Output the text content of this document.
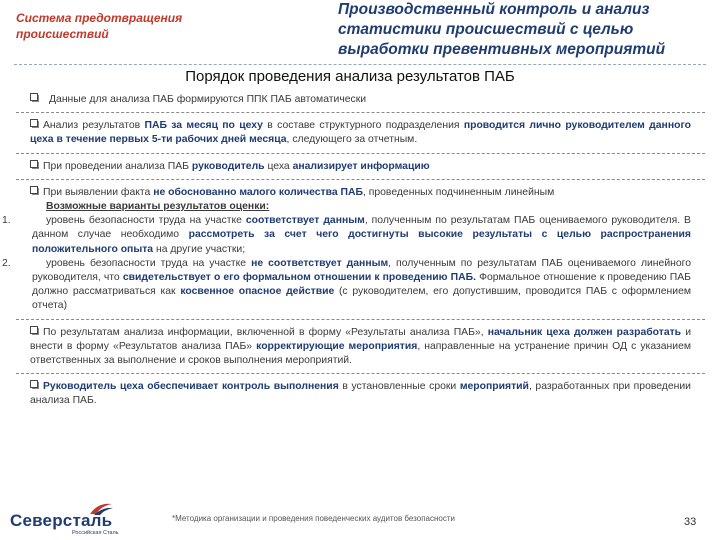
Система предотвращения происшествий
Производственный контроль и анализ статистики происшествий с целью выработки превентивных мероприятий
Порядок проведения анализа результатов ПАБ
Данные для анализа ПАБ формируются ППК ПАБ автоматически
Анализ результатов ПАБ за месяц по цеху в составе структурного подразделения проводится лично руководителем данного цеха в течение первых 5-ти рабочих дней месяца, следующего за отчетным.
При проведении анализа ПАБ руководитель цеха анализирует информацию
При выявлении факта не обоснованно малого количества ПАБ, проведенных подчиненным линейным
Возможные варианты результатов оценки:
1.	уровень безопасности труда на участке соответствует данным, полученным по результатам ПАБ оцениваемого руководителя. В данном случае необходимо рассмотреть за счет чего достигнуты высокие результаты с целью распространения положительного опыта на другие участки;
2.	уровень безопасности труда на участке не соответствует данным, полученным по результатам ПАБ оцениваемого линейного руководителя, что свидетельствует о его формальном отношении к проведению ПАБ. Формальное отношение к проведению ПАБ должно рассматриваться как косвенное опасное действие (с руководителем, его допустившим, проводится ПАБ с оформлением отчета)
По результатам анализа информации, включенной в форму «Результаты анализа ПАБ», начальник цеха должен разработать и внести в форму «Результатов анализа ПАБ» корректирующие мероприятия, направленные на устранение причин ОД с указанием ответственных за выполнение и сроков выполнения мероприятий.
Руководитель цеха обеспечивает контроль выполнения в установленные сроки мероприятий, разработанных при проведении анализа ПАБ.
Северсталь
Российская Сталь
*Методика организации и проведения поведенческих аудитов безопасности	33
